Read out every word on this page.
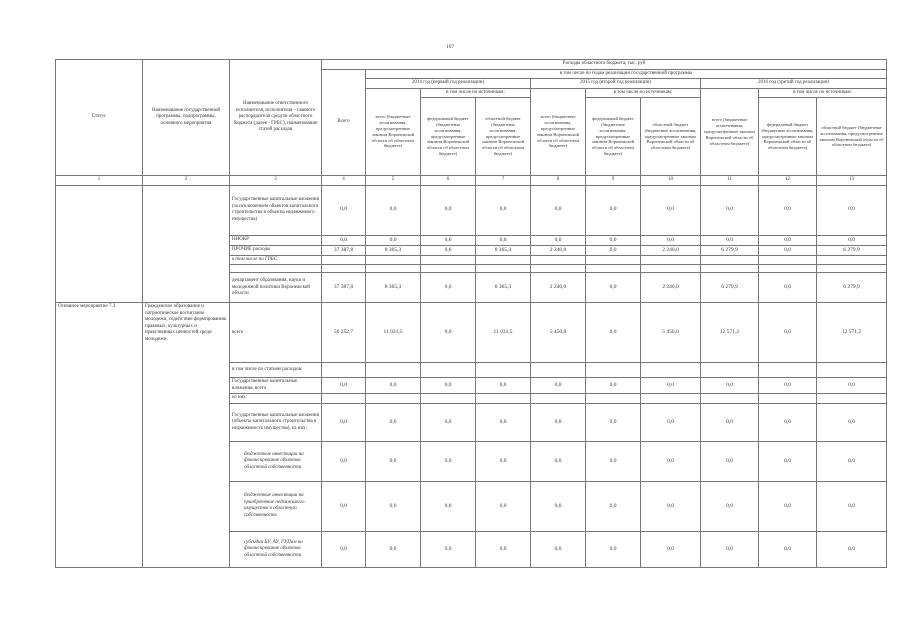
107
Статус	Наименование государственной программы, подпрограммы, основного мероприятия	Наименование ответственного исполнителя, исполнителя - главного распорядителя средств областного бюджета (далее - ГРБС), наименование статей расходов	Расходы областного бюджета, тыс. руб									
			Всего	в том числе по годам реализации государственной программы								
				2014 год (первый год реализации)			2015 год (второй год реализации)			2016 год (третий год реализации)		
				всего (бюджетные ассигнования, предусмотренные законом Воронежской области об областном бюджете)	в том числе по источникам:		всего (бюджетные ассигнования, предусмотренные законом Воронежской области об областном бюджете)	в том числе по источникам:		всего (бюджетные ассигнования, предусмотренные законом Воронежской области об областном бюджете)	в том числе по источникам:	
					федеральный бюджет (бюджетные ассигнования, предусмотренные законом Воронежской области об областном бюджете)	областной бюджет (бюджетные ассигнования, предусмотренные законом Воронежской области об областном бюджете)		федеральный бюджет (бюджетные ассигнования, предусмотренные законом Воронежской области об областном бюджете)	областной бюджет (бюджетные ассигнования, предусмотренные законом Воронежской области об областном бюджете)		федеральный бюджет (бюджетные ассигнования, предусмотренные законом Воронежской области об областном бюджете)	областной бюджет (бюджетные ассигнования, предусмотренные законом Воронежской области об областном бюджете)
1	2	3	4	5	6	7	8	9	10	11	12	13
		Государственные капитальные вложения (за исключением объектов капитального строительства в объекты недвижимого имущества)	0,0	0,0	0,0	0,0	0,0	0,0	0,0	0,0	0,0	0,0
		НИОКР	0,0	0,0	0,0	0,0	0,0	0,0	0,0	0,0	0,0	0,0
		ПРОЧИЕ расходы	37 387,8	8 365,3	0,0	8 365,3	2 240,0	0,0	2 240,0	6 279,9	0,0	6 279,9
		в том числе по ГРБС:										

		департамент образования, науки и молодежной политики Воронежской области	37 387,8	8 365,3	0,0	8 365,3	2 240,0	0,0	2 240,0	6 279,9	0,0	6 279,9
Основное мероприятие 7.3	Гражданское образование и патриотическое воспитание молодежи, содействие формированию правовых, культурных и нравственных ценностей среди молодежи	всего	56 252,7	11 031,5	0,0	11 031,5	5 450,0	0,0	5 450,0	12 571,2	0,0	12 571,2
		в том числе по статьям расходов:										
		Государственные капитальные вложения, всего	0,0	0,0	0,0	0,0	0,0	0,0	0,0	0,0	0,0	0,0
		из них:										
		Государственные капитальные вложения (объекты капитального строительства в недвижимость имущества), из них:	0,0	0,0	0,0	0,0	0,0	0,0	0,0	0,0	0,0	0,0
		бюджетные инвестиции на финансирование объектов областной собственности	0,0	0,0	0,0	0,0	0,0	0,0	0,0	0,0	0,0	0,0
		бюджетные инвестиции на приобретение недвижимого имущества в областную собственность	0,0	0,0	0,0	0,0	0,0	0,0	0,0	0,0	0,0	0,0
		субсидии БУ, АУ, ГУПам на финансирование объектов областной собственности	0,0	0,0	0,0	0,0	0,0	0,0	0,0	0,0	0,0	0,0
